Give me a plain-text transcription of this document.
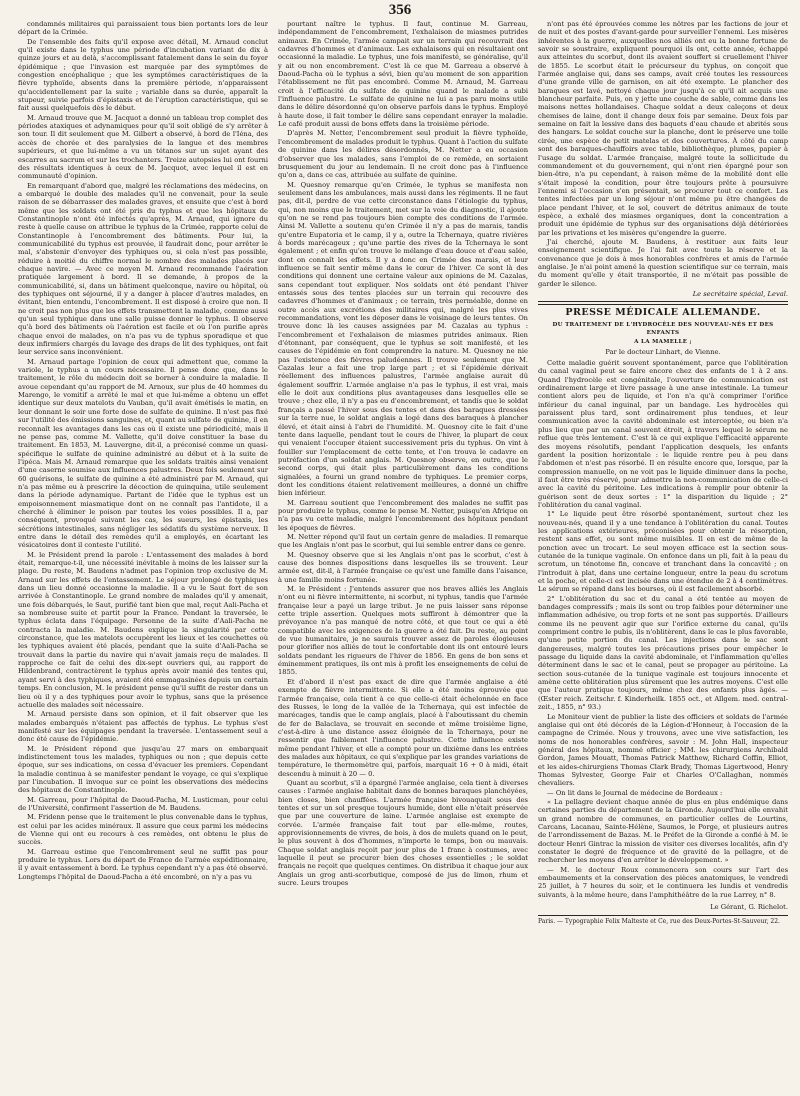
356

condamnés militaires qui paraissaient tous bien portants lors de leur départ de la Crimée.

De l'ensemble des faits qu'il expose avec détail, M. Arnaud conclut qu'il existe dans le typhus une période d'incubation variant de dix à quinze jours et au delà, s'accomplissant fatalement dans le sein du foyer épidémique ; que l'invasion est marquée par des symptômes de congestion encéphalique ; que les symptômes caractéristiques de la fièvre typhoïde, absents dans la première période, n'apparaissent qu'accidentellement par la suite ; variable dans sa durée, apparaît la stupeur, suivie parfois d'épistaxis et de l'éruption caractéristique, qui se fait aussi quelquefois dès le début.

M. Arnaud trouve que M. Jacquot a donné un tableau trop complet des périodes ataxiques et adynamiques pour qu'il soit obligé de s'y arrêter à son tour. Il dit seulement que M. Gilbert a observé, à bord de l'Iéna, des accès de chorée et des paralysies de la langue et des membres supérieurs, et que lui-même a vu un tétanos sur un sujet ayant des escarres au sacrum et sur les trochanters. Treize autopsies lui ont fourni des résultats identiques à ceux de M. Jacquot, avec lequel il est en communauté d'opinion.

En remarquant d'abord que, malgré les réclamations des médecins, on a embarqué le double des malades qu'il ne convenait, pour la seule raison de se débarrasser des malades graves, et ensuite que c'est à bord même que les soldats ont été pris du typhus et que les hôpitaux de Constantinople n'ont été infectés qu'après, M. Arnaud, qui ignore du reste à quelle cause on attribue le typhus de la Crimée, rapporte celui de Constantinople à l'encombrement des bâtiments. Pour lui, la communicabilité du typhus est prouvée, il faudrait donc, pour arrêter le mal, s'abstenir d'envoyer des typhiques ou, si cela n'est pas possible, réduire à moitié du chiffre normal le nombre des malades placés sur chaque navire. — Avec ce moyen M. Arnaud recommande l'aération pratiquée largement à bord. Il se demande, à propos de la communicabilité, si, dans un bâtiment quelconque, navire ou hôpital, où des typhiques ont séjourné, il y a danger à placer d'autres malades, en évitant, bien entendu, l'encombrement. Il est disposé à croire que non. Il ne croit pas non plus que les effets transmettent la maladie, comme aussi qu'un seul typhique dans une salle puisse donner le typhus. Il observe qu'à bord des bâtiments où l'aération est facile et où l'on purifie après chaque envoi de malades, on n'a pas vu de typhus sporadique et que deux infirmiers chargés du lavage des draps de lit des typhiques, ont fait leur service sans inconvénient.

M. Arnaud partage l'opinion de ceux qui admettent que, comme la variole, le typhus a un cours nécessaire. Il pense donc que, dans le traitement, le rôle du médecin doit se borner à conduire la maladie. Il avoue cependant qu'au rapport de M. Arnoux, sur plus de 40 hommes du Marengo, le vomitif a arrêté le mal et que lui-même a obtenu un effet identique sur deux matelots du Vauban, qu'il avait émétisés le matin, en leur donnant le soir une forte dose de sulfate de quinine. Il n'est pas fixé sur l'utilité des émissions sanguines, et, quant au sulfate de quinine, il en reconnaît les avantages dans les cas où il existe une périodicité, mais il ne pense pas, comme M. Vallette, qu'il doive constituer la base du traitement. En 1853, M. Lauvergne, dit-il, a préconisé comme un quasi-spécifique le sulfate de quinine administré au début et à la suite de l'ipéca. Mais M. Arnaud remarque que les soldats traités ainsi venaient d'une caserne soumise aux influences palustres. Deux fois seulement sur 60 guérisons, le sulfate de quinine a été administré par M. Arnaud, qui n'a pas même eu à prescrire la décoction de quinquina, utile seulement dans la période adynamique. Partant de l'idée que le typhus est un empoisonnement miasmatique dont on ne connaît pas l'antidote, il a cherché à éliminer le poison par toutes les voies possibles. Il a, par conséquent, provoqué suivant les cas, les sueurs, les épistaxis, les sécrétions intestinales, sans négliger les sédatifs du système nerveux. Il entre dans le détail des remèdes qu'il a employés, en écartant les vésicatoires dont il conteste l'utilité.

M. le Président prend la parole : L'entassement des malades à bord était, remarque-t-il, une nécessité inévitable à moins de les laisser sur la plage. Du reste, M. Baudens n'admet pas l'opinion trop exclusive de M. Arnaud sur les effets de l'entassement. Le séjour prolongé de typhiques dans un lieu donné occasionne la maladie. Il a vu le Saut fort de son arrivée à Constantinople. Le grand nombre de malades qu'il y amenait, une fois débarqués, le Saut, purifié tant bien que mal, reçut Aali-Pacha et sa nombreuse suite et partit pour la France. Pendant la traversée, le typhus éclata dans l'équipage. Personne de la suite d'Aali-Pacha ne contracta la maladie. M. Baudens explique la singularité par cette circonstance, que les matelots occupèrent les lieux et les couchettes où les typhiques avaient été placés, pendant que la suite d'Aali-Pacha se trouvait dans la partie du navire qui n'avait jamais reçu de malades. Il rapproche ce fait de celui des dix-sept ouvriers qui, au rapport de Hildenbrand, contractèrent le typhus après avoir manié des tentes qui, ayant servi à des typhiques, avaient été emmagasinées depuis un certain temps. En conclusion, M. le président pense qu'il suffit de rester dans un lieu où il y a des typhiques pour avoir le typhus, sans que la présence actuelle des malades soit nécessaire.

M. Arnaud persiste dans son opinion, et il fait observer que les malades embarqués n'étaient pas affectés de typhus. Le typhus s'est manifesté sur les équipages pendant la traversée. L'entassement seul a donc été cause de l'épidémie.

M. le Président répond que jusqu'au 27 mars on embarquait indistinctement tous les malades, typhiques ou non ; que depuis cette époque, sur ses indications, on cessa d'évacuer les premiers. Cependant la maladie continua à se manifester pendant le voyage, ce qui s'explique par l'incubation. Il invoque sur ce point les observations des médecins des hôpitaux de Constantinople.

M. Garreau, pour l'hôpital de Daoud-Pacha, M. Lusticman, pour celui de l'Université, confirment l'assertion de M. Baudens.

M. Fridenn pense que le traitement le plus convenable dans le typhus, est celui par les acides minéraux. Il assure que ceux parmi les médecins de Vienne qui ont eu recours à ces remèdes, ont obtenu le plus de succès.

M. Garreau estime que l'encombrement seul ne suffit pas pour produire le typhus. Lors du départ de France de l'armée expéditionnaire, il y avait entassement à bord. Le typhus cependant n'y a pas été observé. Longtemps l'hôpital de Daoud-Pacha a été encombré, on n'y a pas vu

pourtant naître le typhus. Il faut, continue M. Garreau, indépendamment de l'encombrement, l'exhalaison de miasmes putrides animaux. En Crimée, l'armée campait sur un terrain qui recouvrait des cadavres d'hommes et d'animaux. Les exhalaisons qui en résultaient ont occasionné la maladie. Le typhus, une fois manifesté, se généralise, qu'il y ait ou non encombrement. C'est là ce que M. Garreau a observé à Daoud-Pacha où le typhus a sévi, bien qu'au moment de son apparition l'établissement ne fût pas encombré. Comme M. Arnaud, M. Garreau croit à l'efficacité du sulfate de quinine quand le malade a subi l'influence palustre. Le sulfate de quinine ne lui a pas paru moins utile dans le délire désordonné qu'on observe parfois dans le typhus. Employé à haute dose, il fait tomber le délire sans cependant enrayer la maladie. Le café produit aussi de bons effets dans la troisième période.

D'après M. Netter, l'encombrement seul produit la fièvre typhoïde, l'encombrement de malades produit le typhus. Quant à l'action du sulfate de quinine dans les délires désordonnés, M. Netter a eu occasion d'observer que les malades, sans l'emploi de ce remède, en sortaient brusquement du jour au lendemain. Il ne croit donc pas à l'influence qu'on a, dans ce cas, attribuée au sulfate de quinine.

M. Quesnoy remarque qu'en Crimée, le typhus se manifesta non seulement dans les ambulances, mais aussi dans les régiments. Il ne faut pas, dit-il, perdre de vue cette circonstance dans l'étiologie du typhus, qui, non moins que le traitement, met sur la voie du diagnostic, il ajoute qu'on ne se rend pas toujours bien compte des conditions de l'armée. Ainsi M. Vallette a soutenu qu'en Crimée il n'y a pas de marais, tandis qu'entre Eupatoria et le camp, il y a, outre la Tchernaya, quatre rivières à bords marécageux ; qu'une partie des rives de la Tchernaya le sont également ; et enfin qu'on trouve le mélange d'eau douce et d'eau salée, dont on connaît les effets. Il y a donc en Crimée des marais, et leur influence se fait sentir même dans le cœur de l'hiver. Ce sont là des conditions qui donnent une certaine valeur aux opinions de M. Cazalas, sans cependant tout expliquer. Nos soldats ont été pendant l'hiver entassés sous des tentes placées sur un terrain qui recouvre des cadavres d'hommes et d'animaux ; ce terrain, très perméable, donne en outre accès aux excrétions des militaires qui, malgré les plus vives recommandations, vont les déposer dans le voisinage de leurs tentes. On trouve donc là les causes assignées par M. Cazalas au typhus : l'encombrement et l'exhalaison de miasmes putrides animaux. Rien d'étonnant, par conséquent, que le typhus se soit manifesté, et les causes de l'épidémie en font comprendre la nature. M. Quesnoy ne nie pas l'existence des fièvres paludéennes. Il trouve seulement que M. Cazalas leur a fait une trop large part ; et si l'épidémie dérivait réellement des influences palustres, l'armée anglaise aurait dû également souffrir. L'armée anglaise n'a pas le typhus, il est vrai, mais elle le doit aux conditions plus avantageuses dans lesquelles elle se trouve ; chez elle, il n'y a pas eu d'encombrement, et tandis que le soldat français a passé l'hiver sous des tentes et dans des baraques dressées sur la terre nue, le soldat anglais a logé dans des baraques à plancher élevé, et était ainsi à l'abri de l'humidité. M. Quesnoy cite le fait d'une tente dans laquelle, pendant tout le cours de l'hiver, la plupart de ceux qui venaient l'occuper étaient successivement pris du typhus. On vint à fouiller sur l'emplacement de cette tente, et l'on trouva le cadavre en putréfaction d'un soldat anglais. M. Quesnoy observe, en outre, que le second corps, qui était plus particulièrement dans les conditions signalées, a fourni un grand nombre de typhiques. Le premier corps, dont les conditions étaient relativement meilleures, a donné un chiffre bien inférieur.

M. Garreau soutient que l'encombrement des malades ne suffit pas pour produire le typhus, comme le pense M. Netter, puisqu'en Afrique on n'a pas vu cette maladie, malgré l'encombrement des hôpitaux pendant les époques de fièvres.

M. Netter répond qu'il faut un certain genre de maladies. Il remarque que les Anglais n'ont pas le scorbut, qui lui semble entrer dans ce genre.

M. Quesnoy observe que si les Anglais n'ont pas le scorbut, c'est à cause des bonnes dispositions dans lesquelles ils se trouvent. Leur armée est, dit-il, à l'armée française ce qu'est une famille dans l'aisance, à une famille moins fortunée.

M. le Président : J'entends assurer que nos braves alliés les Anglais n'ont eu ni fièvre intermittente, ni scorbut, ni typhus, tandis que l'armée française leur a payé un large tribut. Je ne puis laisser sans réponse cette triple assertion. Quelques mots suffiront à démontrer que la prévoyance n'a pas manqué de notre côté, et que tout ce qui a été compatible avec les exigences de la guerre a été fait. Du reste, au point de vue humanitaire, je ne saurais trouver assez de paroles élogieuses pour glorifier nos alliés de tout le confortable dont ils ont entouré leurs soldats pendant les rigueurs de l'hiver de 1856. En gens de bon sens et éminemment pratiques, ils ont mis à profit les enseignements de celui de 1855.

Et d'abord il n'est pas exact de dire que l'armée anglaise a été exempte de fièvre intermittente. Si elle a été moins éprouvée que l'armée française, cela tient à ce que celle-ci était échelonnée en face des Russes, le long de la vallée de la Tchernaya, qui est infectée de marécages, tandis que le camp anglais, placé à l'aboutissant du chemin de fer de Balaclava, se trouvait en seconde et même troisième ligne, c'est-à-dire à une distance assez éloignée de la Tchernaya, pour ne ressentir que faiblement l'influence palustre. Cette influence existe même pendant l'hiver, et elle a compté pour un dixième dans les entrées des malades aux hôpitaux, ce qui s'explique par les grandes variations de température, le thermomètre qui, parfois, marquait 16 + 0 à midi, était descendu à minuit à 20 — 0.

Quant au scorbut, s'il a épargné l'armée anglaise, cela tient à diverses causes : l'armée anglaise habitait dans de bonnes baraques planchéyées, bien closes, bien chauffées. L'armée française bivouaquait sous des tentes et sur un sol presque toujours humide, dont elle n'était préservée que par une couverture de laine. L'armée anglaise est exempte de corvée. L'armée française fait tout par elle-même, routes, approvisionnements de vivres, de bois, à dos de mulets quand on le peut, le plus souvent à dos d'hommes, n'importe le temps, bon ou mauvais. Chaque soldat anglais reçoit par jour plus de 1 franc à costumes, avec laquelle il peut se procurer bien des choses essentielles ; le soldat français ne reçoit que quelques centimes. On distribua it chaque jour aux Anglais un grog anti-scorbutique, composé de jus de limon, rhum et sucre. Leurs troupes

n'ont pas été éprouvées comme les nôtres par les factions de jour et de nuit et des postes d'avant-garde pour surveiller l'ennemi. Les misères inhérentes à la guerre, auxquelles nos alliés ont eu la bonne fortune de savoir se soustraire, expliquent pourquoi ils ont, cette année, échappé aux atteintes du scorbut, dont ils avaient souffert si cruellement l'hiver de 1855. Le scorbut était le précurseur du typhus, on conçoit que l'armée anglaise qui, dans ses camps, avait créé toutes les ressources d'une grande ville de garnison, en ait été exempte. Le plancher des baraques est lavé, nettoyé chaque jour jusqu'à ce qu'il ait acquis une blancheur parfaite. Puis, on y jette une couche de sable, comme dans les maisons nettes hollandaises. Chaque soldat a deux caleçons et deux chemises de laine, dont il change deux fois par semaine. Deux fois par semaine on fait la lessive dans des baquets d'eau chaude et abrités sous des hangars. Le soldat couche sur la planche, dont le préserve une toile cirée, une espèce de petit matelas et des couvertures. À côté du camp sont des baraques-chauffoirs avec table, bibliothèque, plumes, papier à l'usage du soldat. L'armée française, malgré toute la sollicitude du commandement et du gouvernement, qui n'ont rien épargné pour son bien-être, n'a pu cependant, à raison même de la mobilité dont elle s'était imposé la condition, pour être toujours prête à poursuivre l'ennemi si l'occasion s'en présentait, se procurer tout ce confort. Les tentes infectées par un long séjour n'ont même pu être changées de place pendant l'hiver, et le sol, couvert de détritus animaux de toute espèce, a exhalé des miasmes organiques, dont la concentration a produit une épidémie de typhus sur des organisations déjà détériorées par les privations et les misères qu'engendre la guerre.

J'ai cherché, ajoute M. Baudens, à restituer aux faits leur enseignement scientifique. Je l'ai fait avec toute la réserve et la convenance que je dois à mes honorables confrères et amis de l'armée anglaise. Je n'ai point amené la question scientifique sur ce terrain, mais du moment qu'elle y était transportée, il ne m'était pas possible de garder le silence.

Le secrétaire spécial, Leval.
PRESSE MÉDICALE ALLEMANDE.
DU TRAITEMENT DE L'HYDROCÈLE DES NOUVEAU-NÉS ET DES ENFANTS
A LA MAMELLE ;
Par le docteur Linhart, de Vienne.

Cette maladie guérit souvent spontanément, parce que l'oblitération du canal vaginal peut se faire encore chez des enfants de 1 à 2 ans. Quand l'hydrocèle est congénitale, l'ouverture de communication est ordinairement large et livre passage à une anse intestinale. La tumeur contient alors peu de liquide, et l'on n'a qu'à comprimer l'orifice inférieur du canal inguinal, par un bandage. Les hydrocèles qui paraissent plus tard, sont ordinairement plus tendues, et leur communication avec la cavité abdominale est interceptée, ou bien n'a plus lieu que par un canal souvent étroit, à travers lequel le sérum ne reflue que très lentement. C'est là ce qui explique l'efficacité apparente des moyens résolutifs, pendant l'application desquels, les enfants gardent la position horizontale : le liquide rentre peu à peu dans l'abdomen et n'est pas résorbé. Il en résulte encore que, lorsque, par la compression manuelle, on ne voit pas le liquide diminuer dans la poche, il faut être très réservé, pour admettre la non-communication de celle-ci avec la cavité du péritoine. Les indications à remplir pour obtenir la guérison sont de deux sortes : 1° la disparition du liquide ; 2° l'oblitération du canal vaginal.

1° Le liquide peut être résorbé spontanément, surtout chez les nouveau-nés, quand il y a une tendance à l'oblitération du canal. Toutes les applications extérieures, préconisées pour obtenir la résorption, restent sans effet, ou sont même nuisibles. Il en est de même de la ponction avec un trocart. Le seul moyen efficace est la section sous-cutanée de la tunique vaginale. On enfonce dans un pli, fait à la peau du scrotum, un ténotome fin, concave et tranchant dans la concavité ; on l'introduit à plat, dans une certaine longueur, entre la peau du scrotum et la poche, et celle-ci est incisée dans une étendue de 2 à 4 centimètres. Le sérum se répand dans les bourses, où il est facilement absorbé.

2° L'oblitération du sac et du canal a été tentée au moyen de bandages compressifs ; mais ils sont ou trop faibles pour déterminer une inflammation adhésive, ou trop forts et ne sont pas supportés. D'ailleurs comme ils ne peuvent agir que sur l'orifice externe du canal, qu'ils compriment contre le pubis, ils n'oblitèrent, dans le cas le plus favorable, qu'une petite portion du canal. Les injections dans le sac sont dangereuses, malgré toutes les précautions prises pour empêcher le passage du liquide dans la cavité abdominale, et l'inflammation qu'elles déterminent dans le sac et le canal, peut se propager au péritoine. La section sous-cutanée de la tunique vaginale est toujours innocente et amène cette oblitération plus sûrement que les autres moyens. C'est elle que l'auteur pratique toujours, même chez des enfants plus âgés. —(Œster reich. Zeitschr. f. Kinderheilk. 1855 oct., et Allgem. med. central-zeit., 1855, n° 93.)

Le Moniteur vient de publier la liste des officiers et soldats de l'armée anglaise qui ont été décorés de la Légion-d'Honneur, à l'occasion de la campagne de Crimée. Nous y trouvons, avec une vive satisfaction, les noms de nos honorables confrères, savoir : M. John Hall, inspecteur général des hôpitaux, nommé officier ; MM. les chirurgiens Archibald Gordon, James Mouatt, Thomas Patrick Matthew, Richard Coffin, Elliot, et les aides-chirurgiens Thomas Clark Brady, Thomas Ligertwood, Henry Thomas Sylvester, George Fair et Charles O'Callaghan, nommés chevaliers.

— On lit dans le Journal de médecine de Bordeaux :

« La pellagre devient chaque année de plus en plus endémique dans certaines parties du département de la Gironde. Aujourd'hui elle envahit un grand nombre de communes, en particulier celles de Lourtins, Carcans, Lacanau, Sainte-Hélène, Saumos, le Porge, et plusieurs autres de l'arrondissement de Bazas. M. le Préfet de la Gironde a confié à M. le docteur Henri Gintrac la mission de visiter ces diverses localités, afin d'y constater le degré de fréquence et de gravité de la pellagre, et de rechercher les moyens d'en arrêter le développement. »

— M. le docteur Roux commencera son cours sur l'art des embaumements et la conservation des pièces anatomiques, le vendredi 25 juillet, à 7 heures du soir, et le continuera les lundis et vendredis suivants, à la même heure, dans l'amphithéâtre de la rue Larrey, n° 8.

Le Gérant, G. Richelot.
Paris. — Typographie Felix Malteste et Ce, rue des Deux-Portes-St-Sauveur, 22.
